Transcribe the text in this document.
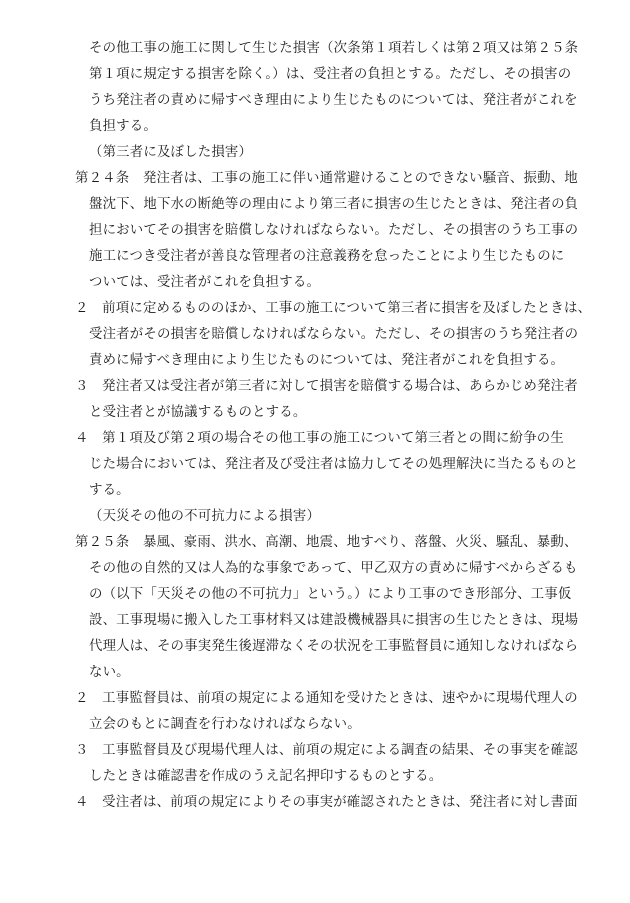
その他工事の施工に関して生じた損害（次条第１項若しくは第２項又は第２５条
第１項に規定する損害を除く。）は、受注者の負担とする。ただし、その損害の
うち発注者の責めに帰すべき理由により生じたものについては、発注者がこれを
負担する。
（第三者に及ぼした損害）
第２４条　発注者は、工事の施工に伴い通常避けることのできない騒音、振動、地
盤沈下、地下水の断絶等の理由により第三者に損害の生じたときは、発注者の負
担においてその損害を賠償しなければならない。ただし、その損害のうち工事の
施工につき受注者が善良な管理者の注意義務を怠ったことにより生じたものに
ついては、受注者がこれを負担する。
２　前項に定めるもののほか、工事の施工について第三者に損害を及ぼしたときは、
受注者がその損害を賠償しなければならない。ただし、その損害のうち発注者の
責めに帰すべき理由により生じたものについては、発注者がこれを負担する。
３　発注者又は受注者が第三者に対して損害を賠償する場合は、あらかじめ発注者
と受注者とが協議するものとする。
４　第１項及び第２項の場合その他工事の施工について第三者との間に紛争の生
じた場合においては、発注者及び受注者は協力してその処理解決に当たるものと
する。
（天災その他の不可抗力による損害）
第２５条　暴風、豪雨、洪水、高潮、地震、地すべり、落盤、火災、騒乱、暴動、
その他の自然的又は人為的な事象であって、甲乙双方の責めに帰すべからざるも
の（以下「天災その他の不可抗力」という。）により工事のでき形部分、工事仮
設、工事現場に搬入した工事材料又は建設機械器具に損害の生じたときは、現場
代理人は、その事実発生後遅滞なくその状況を工事監督員に通知しなければなら
ない。
２　工事監督員は、前項の規定による通知を受けたときは、速やかに現場代理人の
立会のもとに調査を行わなければならない。
３　工事監督員及び現場代理人は、前項の規定による調査の結果、その事実を確認
したときは確認書を作成のうえ記名押印するものとする。
４　受注者は、前項の規定によりその事実が確認されたときは、発注者に対し書面
